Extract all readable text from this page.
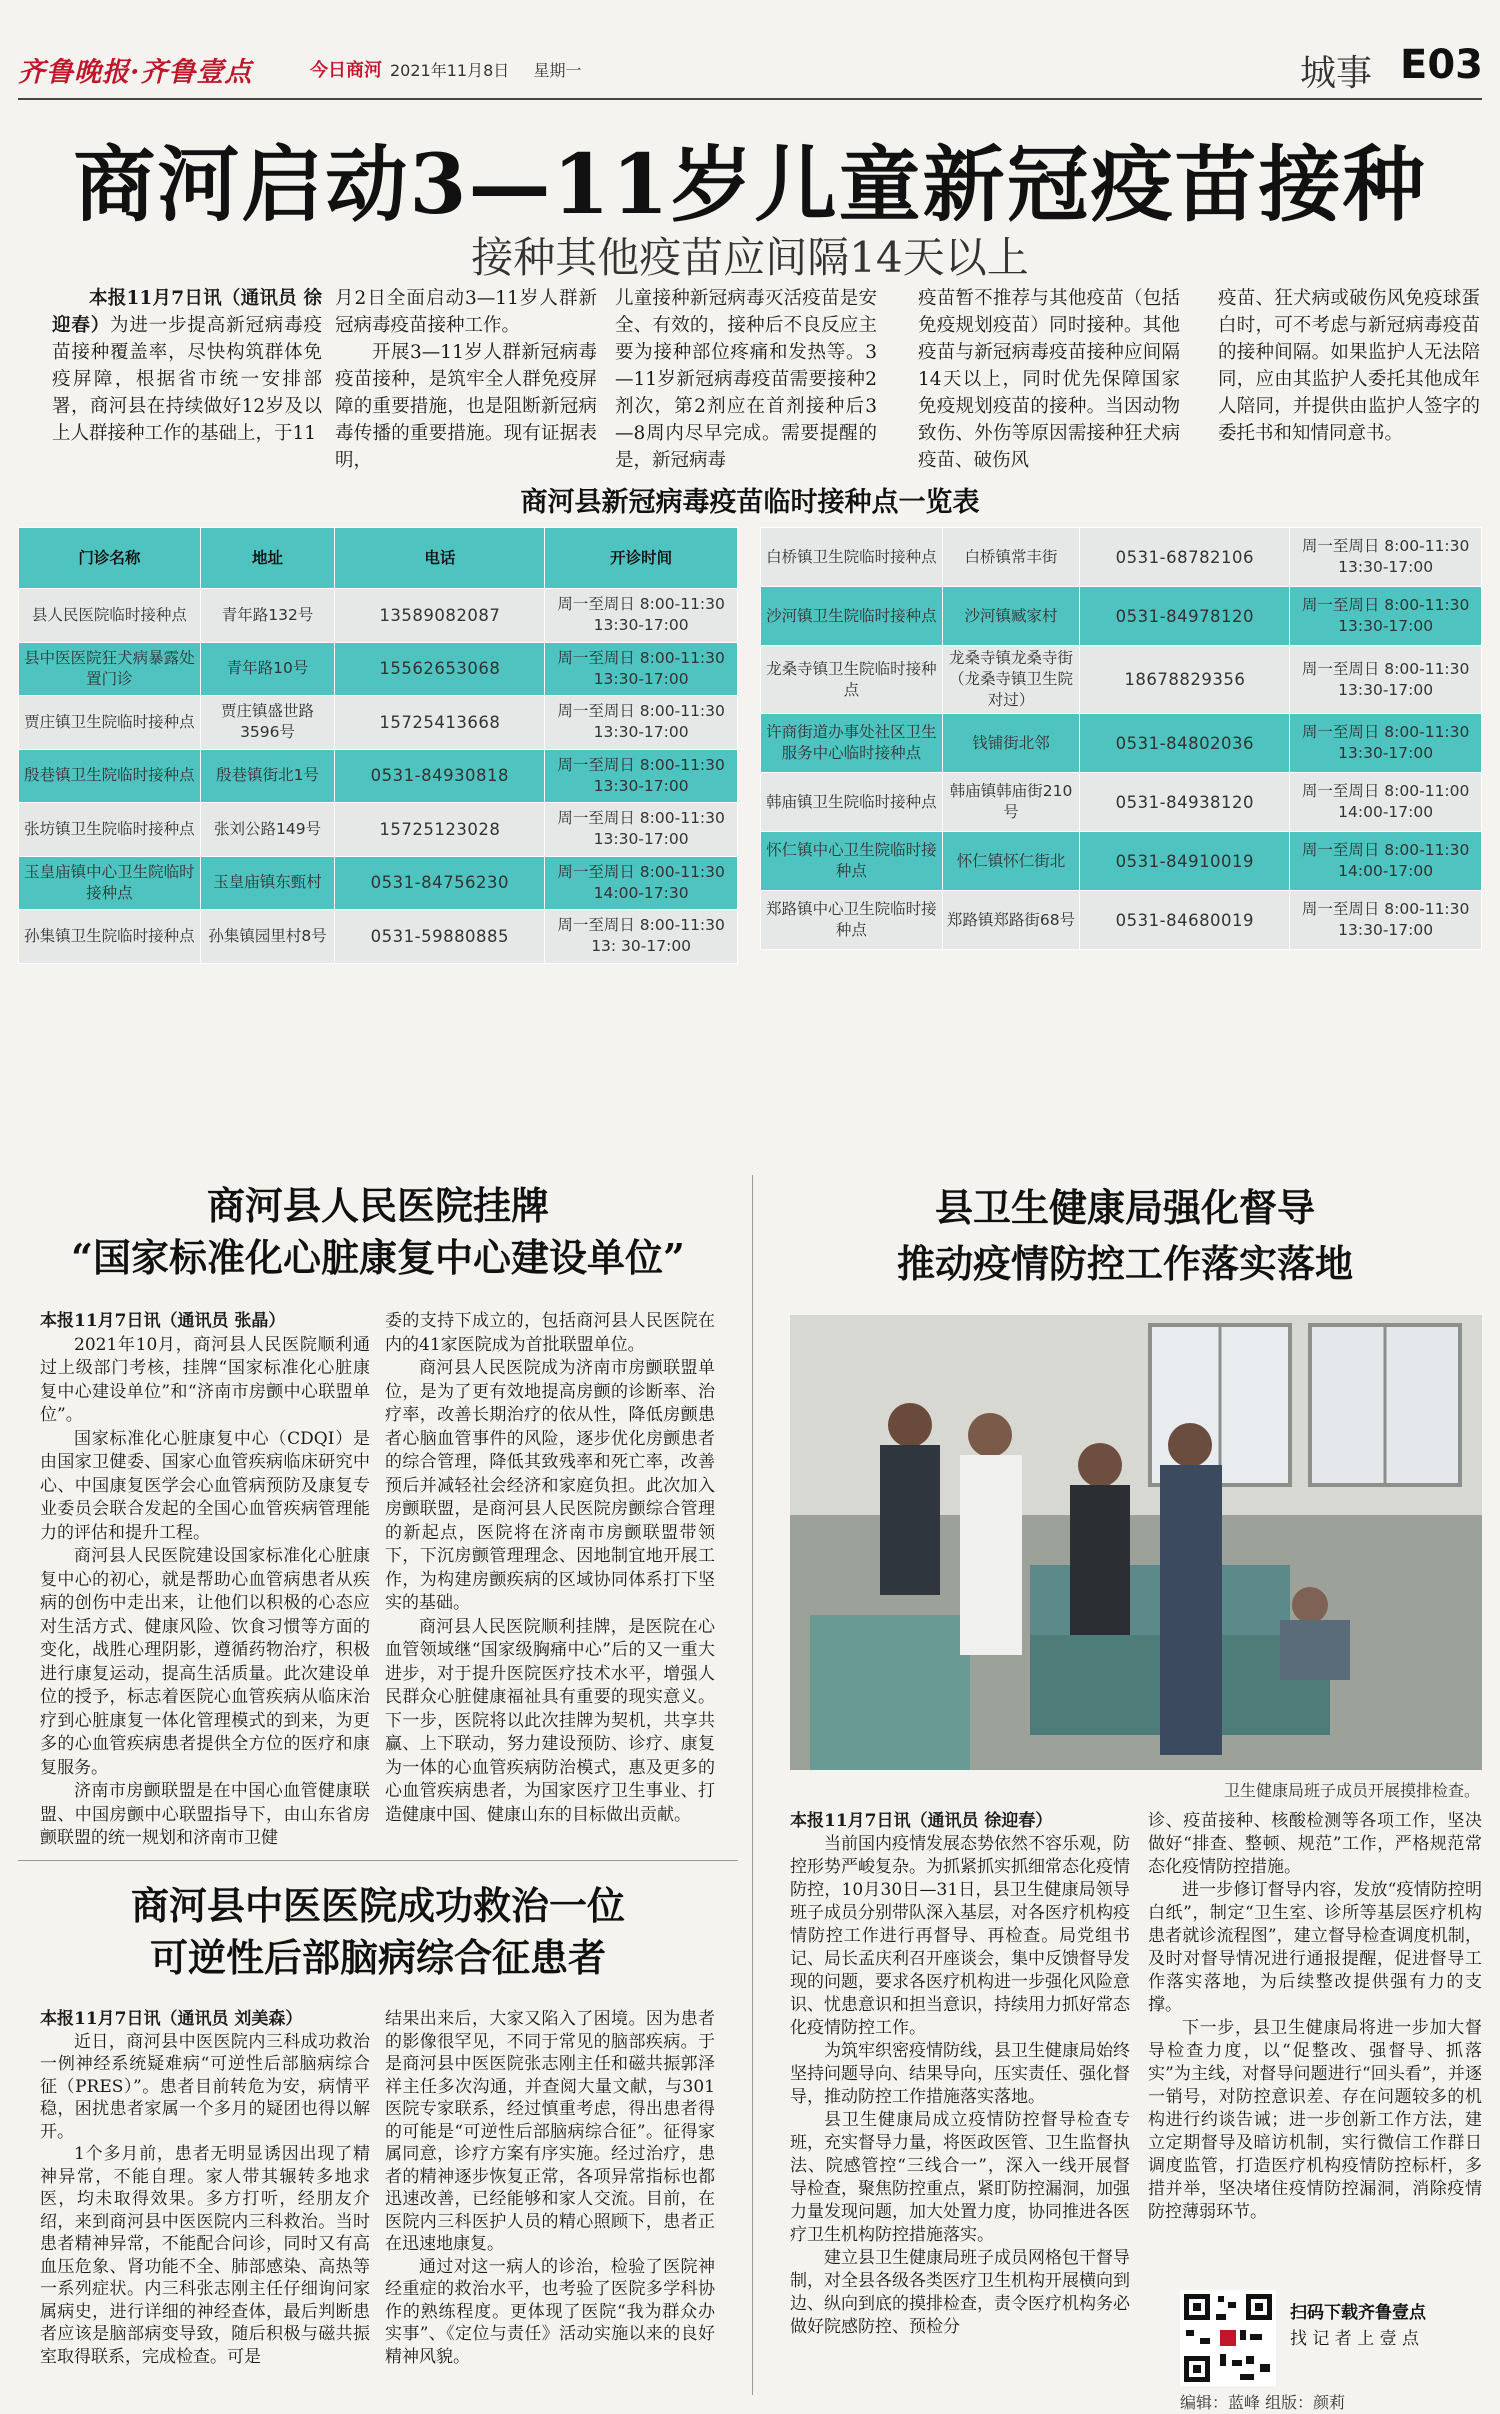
齐鲁晚报·齐鲁壹点	今日商河 2021年11月8日 星期一	城事 E03
商河启动3—11岁儿童新冠疫苗接种
接种其他疫苗应间隔14天以上

本报11月7日讯（通讯员 徐迎春）为进一步提高新冠病毒疫苗接种覆盖率，尽快构筑群体免疫屏障，根据省市统一安排部署，商河县在持续做好12岁及以上人群接种工作的基础上，于11

月2日全面启动3—11岁人群新冠病毒疫苗接种工作。

开展3—11岁人群新冠病毒疫苗接种，是筑牢全人群免疫屏障的重要措施，也是阻断新冠病毒传播的重要措施。现有证据表明，

儿童接种新冠病毒灭活疫苗是安全、有效的，接种后不良反应主要为接种部位疼痛和发热等。3—11岁新冠病毒疫苗需要接种2剂次，第2剂应在首剂接种后3—8周内尽早完成。需要提醒的是，新冠病毒

疫苗暂不推荐与其他疫苗（包括免疫规划疫苗）同时接种。其他疫苗与新冠病毒疫苗接种应间隔14天以上，同时优先保障国家免疫规划疫苗的接种。当因动物致伤、外伤等原因需接种狂犬病疫苗、破伤风

疫苗、狂犬病或破伤风免疫球蛋白时，可不考虑与新冠病毒疫苗的接种间隔。如果监护人无法陪同，应由其监护人委托其他成年人陪同，并提供由监护人签字的委托书和知情同意书。

商河县新冠病毒疫苗临时接种点一览表
门诊名称	地址	电话	开诊时间
县人民医院临时接种点	青年路132号	13589082087	周一至周日 8:00-11:30 13:30-17:00
县中医医院狂犬病暴露处置门诊	青年路10号	15562653068	周一至周日 8:00-11:30 13:30-17:00
贾庄镇卫生院临时接种点	贾庄镇盛世路3596号	15725413668	周一至周日 8:00-11:30 13:30-17:00
殷巷镇卫生院临时接种点	殷巷镇街北1号	0531-84930818	周一至周日 8:00-11:30 13:30-17:00
张坊镇卫生院临时接种点	张刘公路149号	15725123028	周一至周日 8:00-11:30 13:30-17:00
玉皇庙镇中心卫生院临时接种点	玉皇庙镇东甄村	0531-84756230	周一至周日 8:00-11:30 14:00-17:30
孙集镇卫生院临时接种点	孙集镇园里村8号	0531-59880885	周一至周日 8:00-11:30 13: 30-17:00
白桥镇卫生院临时接种点	白桥镇常丰街	0531-68782106	周一至周日 8:00-11:30 13:30-17:00
沙河镇卫生院临时接种点	沙河镇臧家村	0531-84978120	周一至周日 8:00-11:30 13:30-17:00
龙桑寺镇卫生院临时接种点	龙桑寺镇龙桑寺街（龙桑寺镇卫生院对过）	18678829356	周一至周日 8:00-11:30 13:30-17:00
许商街道办事处社区卫生服务中心临时接种点	钱铺街北邻	0531-84802036	周一至周日 8:00-11:30 13:30-17:00
韩庙镇卫生院临时接种点	韩庙镇韩庙街210号	0531-84938120	周一至周日 8:00-11:00 14:00-17:00
怀仁镇中心卫生院临时接种点	怀仁镇怀仁街北	0531-84910019	周一至周日 8:00-11:30 14:00-17:00
郑路镇中心卫生院临时接种点	郑路镇郑路街68号	0531-84680019	周一至周日 8:00-11:30 13:30-17:00
商河县人民医院挂牌
“国家标准化心脏康复中心建设单位”

本报11月7日讯（通讯员 张晶）

2021年10月，商河县人民医院顺利通过上级部门考核，挂牌“国家标准化心脏康复中心建设单位”和“济南市房颤中心联盟单位”。

国家标准化心脏康复中心（CDQI）是由国家卫健委、国家心血管疾病临床研究中心、中国康复医学会心血管病预防及康复专业委员会联合发起的全国心血管疾病管理能力的评估和提升工程。

商河县人民医院建设国家标准化心脏康复中心的初心，就是帮助心血管病患者从疾病的创伤中走出来，让他们以积极的心态应对生活方式、健康风险、饮食习惯等方面的变化，战胜心理阴影，遵循药物治疗，积极进行康复运动，提高生活质量。此次建设单位的授予，标志着医院心血管疾病从临床治疗到心脏康复一体化管理模式的到来，为更多的心血管疾病患者提供全方位的医疗和康复服务。

济南市房颤联盟是在中国心血管健康联盟、中国房颤中心联盟指导下，由山东省房颤联盟的统一规划和济南市卫健

委的支持下成立的，包括商河县人民医院在内的41家医院成为首批联盟单位。

商河县人民医院成为济南市房颤联盟单位，是为了更有效地提高房颤的诊断率、治疗率，改善长期治疗的依从性，降低房颤患者心脑血管事件的风险，逐步优化房颤患者的综合管理，降低其致残率和死亡率，改善预后并减轻社会经济和家庭负担。此次加入房颤联盟，是商河县人民医院房颤综合管理的新起点，医院将在济南市房颤联盟带领下，下沉房颤管理理念、因地制宜地开展工作，为构建房颤疾病的区域协同体系打下坚实的基础。

商河县人民医院顺利挂牌，是医院在心血管领域继“国家级胸痛中心”后的又一重大进步，对于提升医院医疗技术水平，增强人民群众心脏健康福祉具有重要的现实意义。下一步，医院将以此次挂牌为契机，共享共赢、上下联动，努力建设预防、诊疗、康复为一体的心血管疾病防治模式，惠及更多的心血管疾病患者，为国家医疗卫生事业、打造健康中国、健康山东的目标做出贡献。

商河县中医医院成功救治一位
可逆性后部脑病综合征患者

本报11月7日讯（通讯员 刘美森）

近日，商河县中医医院内三科成功救治一例神经系统疑难病“可逆性后部脑病综合征（PRES）”。患者目前转危为安，病情平稳，困扰患者家属一个多月的疑团也得以解开。

1个多月前，患者无明显诱因出现了精神异常，不能自理。家人带其辗转多地求医，均未取得效果。多方打听，经朋友介绍，来到商河县中医医院内三科救治。当时患者精神异常，不能配合问诊，同时又有高血压危象、肾功能不全、肺部感染、高热等一系列症状。内三科张志刚主任仔细询问家属病史，进行详细的神经查体，最后判断患者应该是脑部病变导致，随后积极与磁共振室取得联系，完成检查。可是

结果出来后，大家又陷入了困境。因为患者的影像很罕见，不同于常见的脑部疾病。于是商河县中医医院张志刚主任和磁共振郭泽祥主任多次沟通，并查阅大量文献，与301医院专家联系，经过慎重考虑，得出患者得的可能是“可逆性后部脑病综合征”。征得家属同意，诊疗方案有序实施。经过治疗，患者的精神逐步恢复正常，各项异常指标也都迅速改善，已经能够和家人交流。目前，在医院内三科医护人员的精心照顾下，患者正在迅速地康复。

通过对这一病人的诊治，检验了医院神经重症的救治水平，也考验了医院多学科协作的熟练程度。更体现了医院“我为群众办实事”、《定位与责任》活动实施以来的良好精神风貌。

县卫生健康局强化督导
推动疫情防控工作落实落地
卫生健康局班子成员开展摸排检查。

本报11月7日讯（通讯员 徐迎春）

当前国内疫情发展态势依然不容乐观，防控形势严峻复杂。为抓紧抓实抓细常态化疫情防控，10月30日—31日，县卫生健康局领导班子成员分别带队深入基层，对各医疗机构疫情防控工作进行再督导、再检查。局党组书记、局长孟庆利召开座谈会，集中反馈督导发现的问题，要求各医疗机构进一步强化风险意识、忧患意识和担当意识，持续用力抓好常态化疫情防控工作。

为筑牢织密疫情防线，县卫生健康局始终坚持问题导向、结果导向，压实责任、强化督导，推动防控工作措施落实落地。

县卫生健康局成立疫情防控督导检查专班，充实督导力量，将医政医管、卫生监督执法、院感管控“三线合一”，深入一线开展督导检查，聚焦防控重点，紧盯防控漏洞，加强力量发现问题，加大处置力度，协同推进各医疗卫生机构防控措施落实。

建立县卫生健康局班子成员网格包干督导制，对全县各级各类医疗卫生机构开展横向到边、纵向到底的摸排检查，责令医疗机构务必做好院感防控、预检分

诊、疫苗接种、核酸检测等各项工作，坚决做好“排查、整顿、规范”工作，严格规范常态化疫情防控措施。

进一步修订督导内容，发放“疫情防控明白纸”，制定“卫生室、诊所等基层医疗机构患者就诊流程图”，建立督导检查调度机制，及时对督导情况进行通报提醒，促进督导工作落实落地，为后续整改提供强有力的支撑。

下一步，县卫生健康局将进一步加大督导检查力度，以“促整改、强督导、抓落实”为主线，对督导问题进行“回头看”，并逐一销号，对防控意识差、存在问题较多的机构进行约谈告诫；进一步创新工作方法，建立定期督导及暗访机制，实行微信工作群日调度监管，打造医疗机构疫情防控标杆，多措并举，坚决堵住疫情防控漏洞，消除疫情防控薄弱环节。

扫码下载齐鲁壹点
找 记 者 上 壹 点
编辑：蓝峰 组版：颜莉
